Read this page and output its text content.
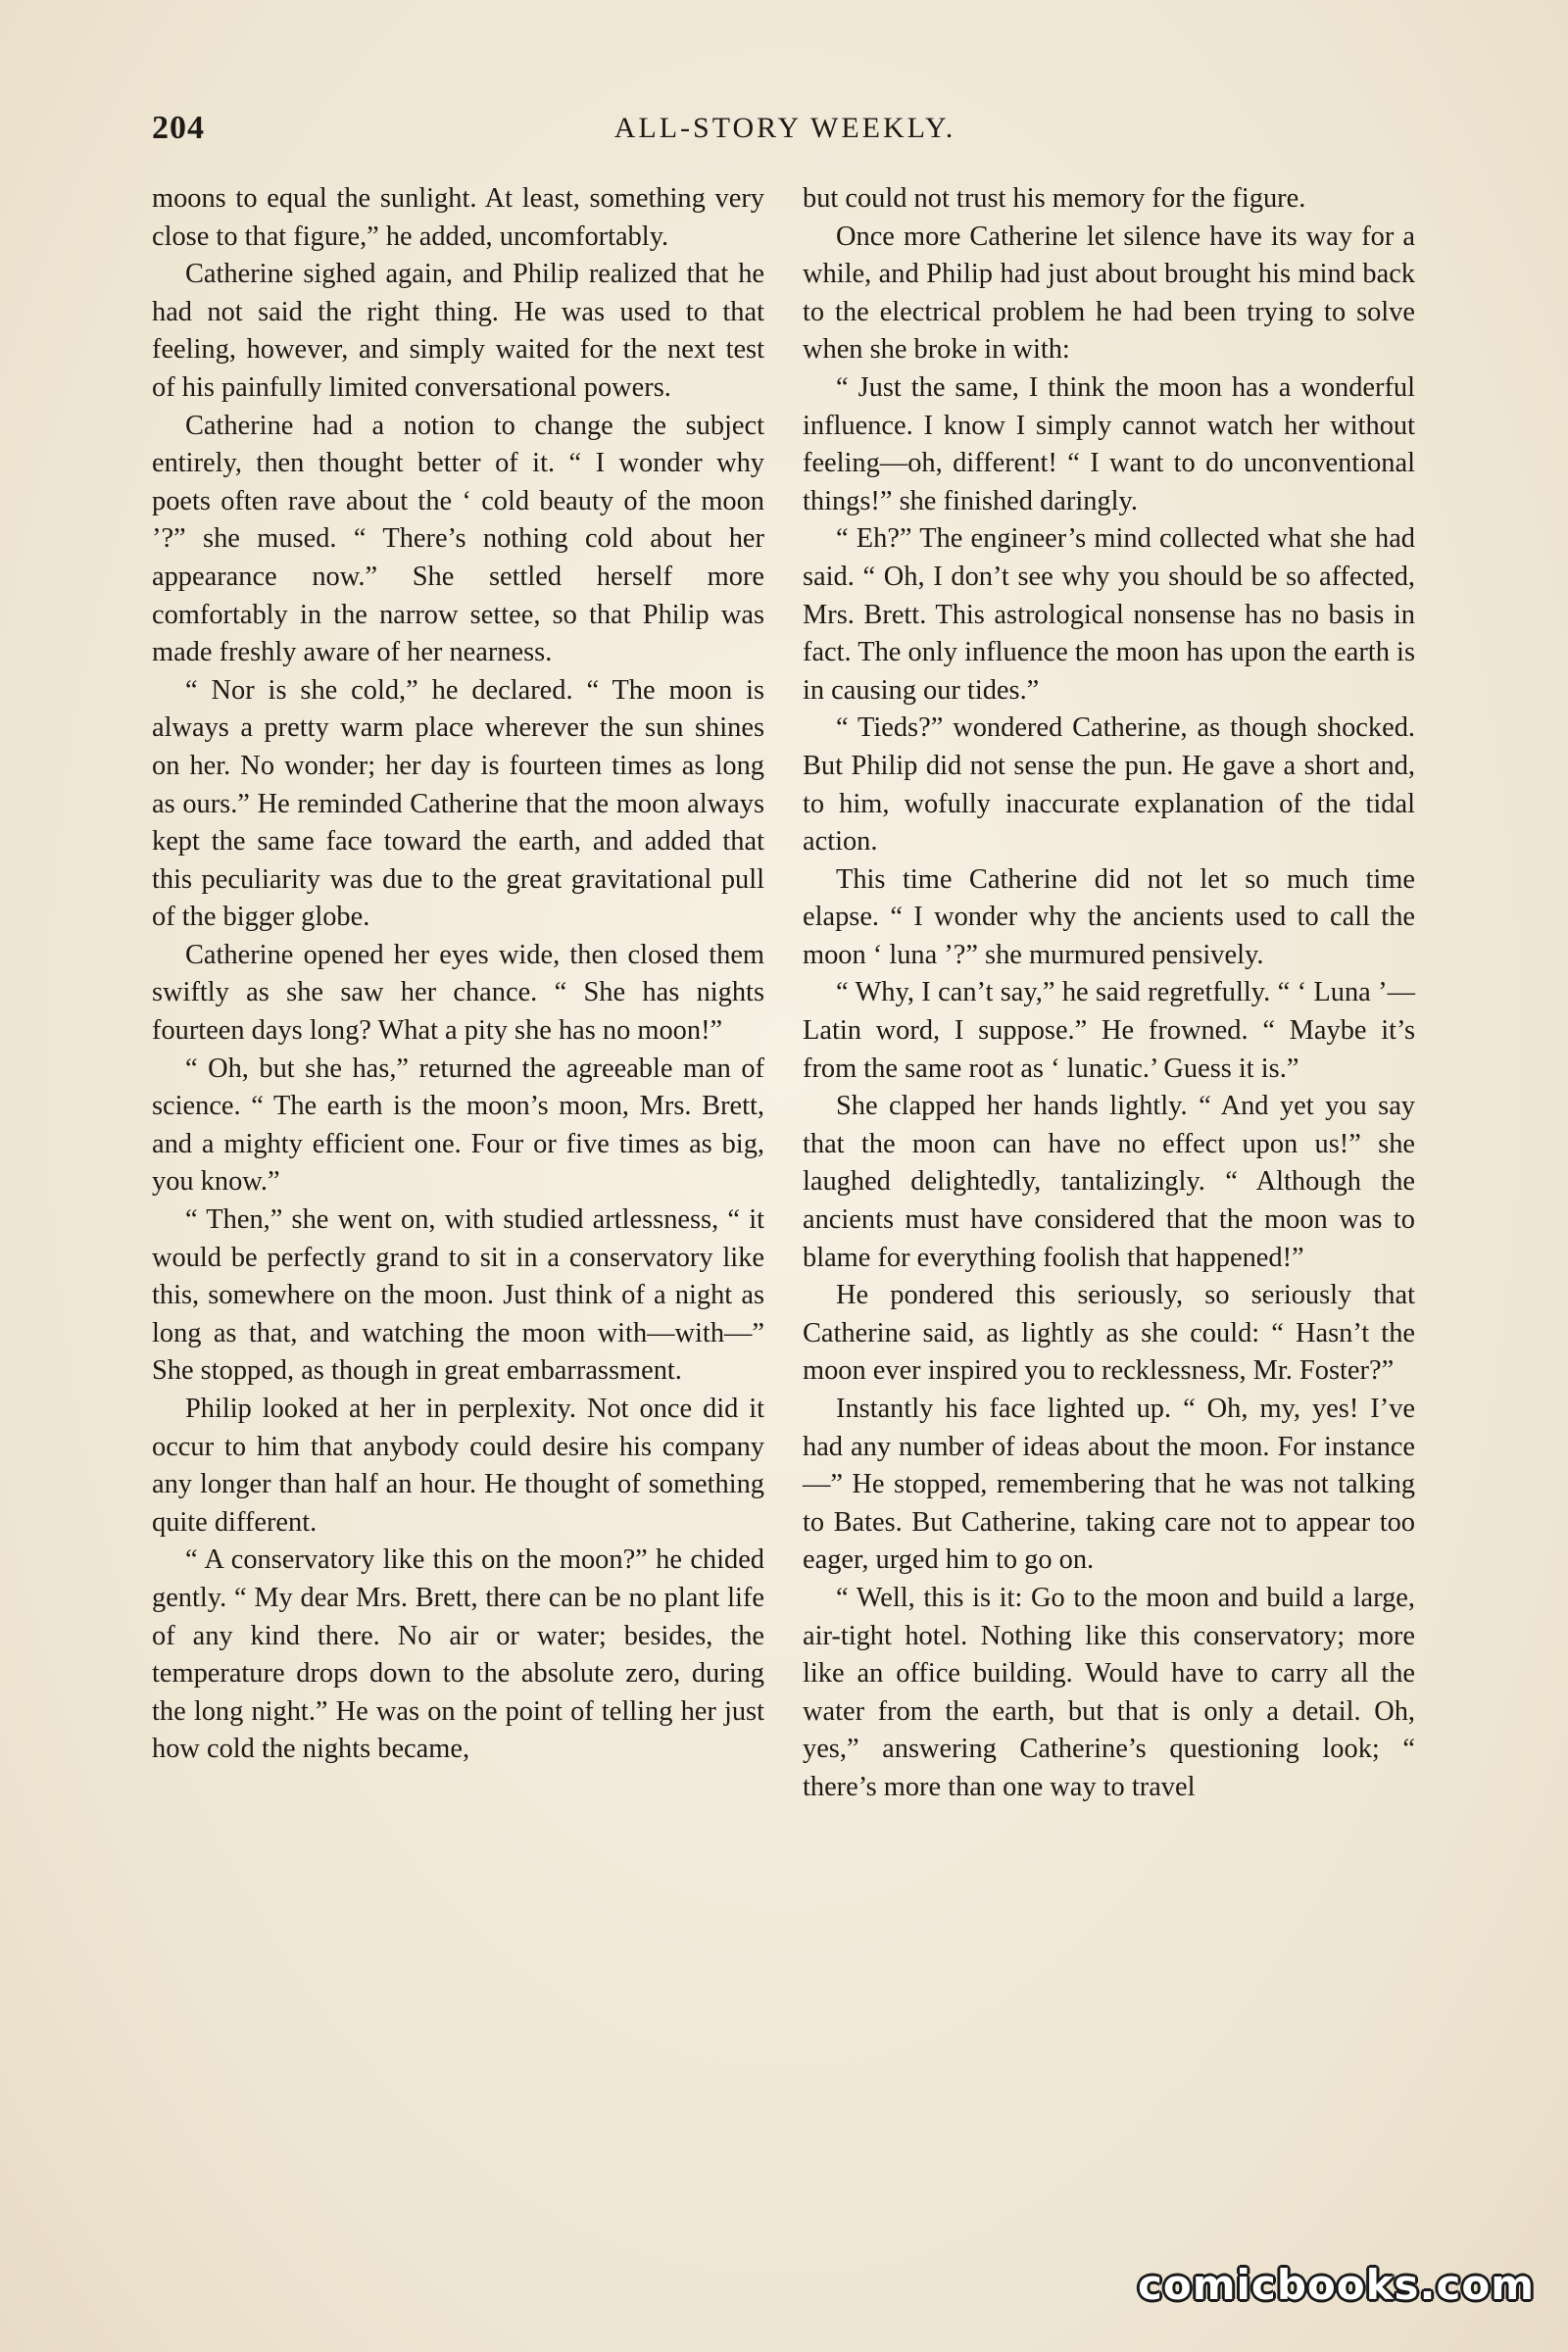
204	ALL-STORY WEEKLY.

moons to equal the sunlight. At least, something very close to that figure,” he added, uncomfortably.

Catherine sighed again, and Philip realized that he had not said the right thing. He was used to that feeling, however, and simply waited for the next test of his painfully limited conversational powers.

Catherine had a notion to change the subject entirely, then thought better of it. “ I wonder why poets often rave about the ‘ cold beauty of the moon ’?” she mused. “ There’s nothing cold about her appearance now.” She settled herself more comfortably in the narrow settee, so that Philip was made freshly aware of her nearness.

“ Nor is she cold,” he declared. “ The moon is always a pretty warm place wherever the sun shines on her. No wonder; her day is fourteen times as long as ours.” He reminded Catherine that the moon always kept the same face toward the earth, and added that this peculiarity was due to the great gravitational pull of the bigger globe.

Catherine opened her eyes wide, then closed them swiftly as she saw her chance. “ She has nights fourteen days long? What a pity she has no moon!”

“ Oh, but she has,” returned the agreeable man of science. “ The earth is the moon’s moon, Mrs. Brett, and a mighty efficient one. Four or five times as big, you know.”

“ Then,” she went on, with studied artlessness, “ it would be perfectly grand to sit in a conservatory like this, somewhere on the moon. Just think of a night as long as that, and watching the moon with—with—” She stopped, as though in great embarrassment.

Philip looked at her in perplexity. Not once did it occur to him that anybody could desire his company any longer than half an hour. He thought of something quite different.

“ A conservatory like this on the moon?” he chided gently. “ My dear Mrs. Brett, there can be no plant life of any kind there. No air or water; besides, the temperature drops down to the absolute zero, during the long night.” He was on the point of telling her just how cold the nights became,

but could not trust his memory for the figure.

Once more Catherine let silence have its way for a while, and Philip had just about brought his mind back to the electrical problem he had been trying to solve when she broke in with:

“ Just the same, I think the moon has a wonderful influence. I know I simply cannot watch her without feeling—oh, different! “ I want to do unconventional things!” she finished daringly.

“ Eh?” The engineer’s mind collected what she had said. “ Oh, I don’t see why you should be so affected, Mrs. Brett. This astrological nonsense has no basis in fact. The only influence the moon has upon the earth is in causing our tides.”

“ Tieds?” wondered Catherine, as though shocked. But Philip did not sense the pun. He gave a short and, to him, wofully inaccurate explanation of the tidal action.

This time Catherine did not let so much time elapse. “ I wonder why the ancients used to call the moon ‘ luna ’?” she murmured pensively.

“ Why, I can’t say,” he said regretfully. “ ‘ Luna ’—Latin word, I suppose.” He frowned. “ Maybe it’s from the same root as ‘ lunatic.’ Guess it is.”

She clapped her hands lightly. “ And yet you say that the moon can have no effect upon us!” she laughed delightedly, tantalizingly. “ Although the ancients must have considered that the moon was to blame for everything foolish that happened!”

He pondered this seriously, so seriously that Catherine said, as lightly as she could: “ Hasn’t the moon ever inspired you to recklessness, Mr. Foster?”

Instantly his face lighted up. “ Oh, my, yes! I’ve had any number of ideas about the moon. For instance—” He stopped, remembering that he was not talking to Bates. But Catherine, taking care not to appear too eager, urged him to go on.

“ Well, this is it: Go to the moon and build a large, air-tight hotel. Nothing like this conservatory; more like an office building. Would have to carry all the water from the earth, but that is only a detail. Oh, yes,” answering Catherine’s questioning look; “ there’s more than one way to travel

comicbooks.com
